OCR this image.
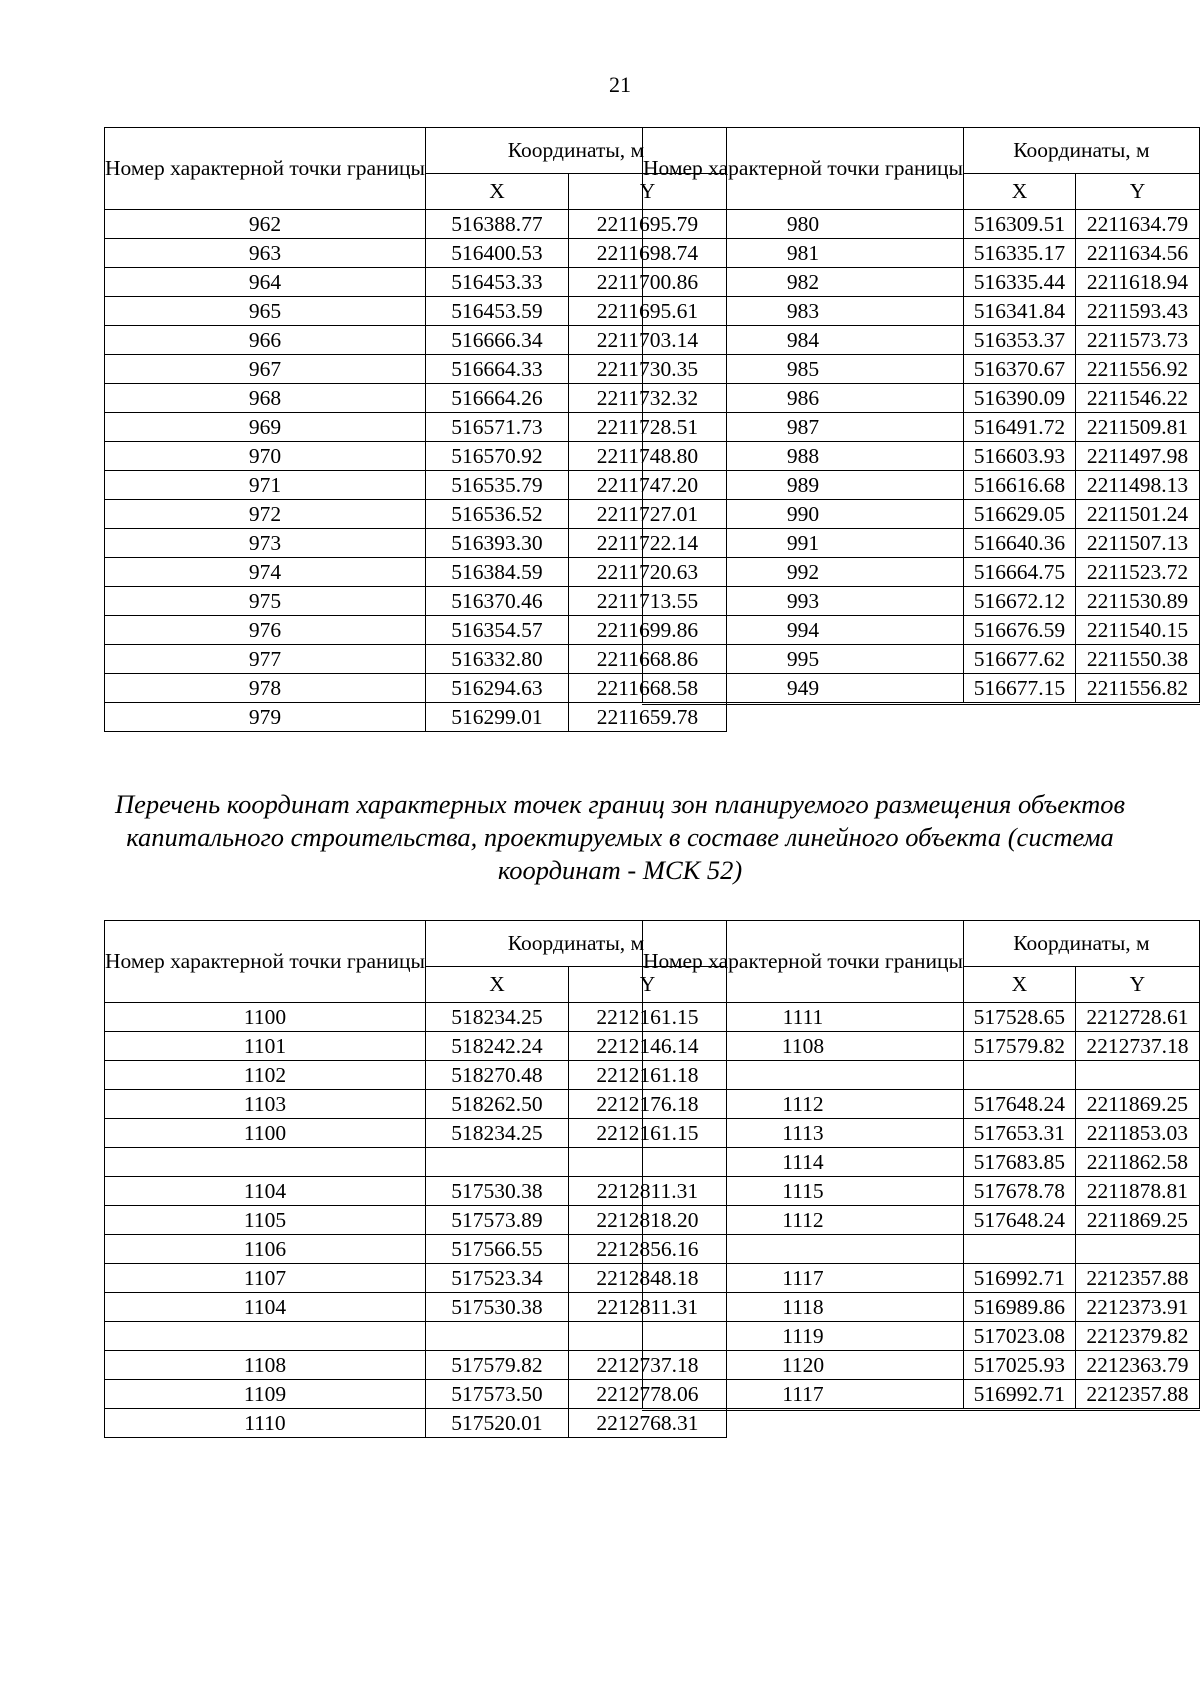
21
Номер характерной точки границы	Координаты, м	
	X	Y
962	516388.77	2211695.79
963	516400.53	2211698.74
964	516453.33	2211700.86
965	516453.59	2211695.61
966	516666.34	2211703.14
967	516664.33	2211730.35
968	516664.26	2211732.32
969	516571.73	2211728.51
970	516570.92	2211748.80
971	516535.79	2211747.20
972	516536.52	2211727.01
973	516393.30	2211722.14
974	516384.59	2211720.63
975	516370.46	2211713.55
976	516354.57	2211699.86
977	516332.80	2211668.86
978	516294.63	2211668.58
979	516299.01	2211659.78
Номер характерной точки границы	Координаты, м	
	X	Y
980	516309.51	2211634.79
981	516335.17	2211634.56
982	516335.44	2211618.94
983	516341.84	2211593.43
984	516353.37	2211573.73
985	516370.67	2211556.92
986	516390.09	2211546.22
987	516491.72	2211509.81
988	516603.93	2211497.98
989	516616.68	2211498.13
990	516629.05	2211501.24
991	516640.36	2211507.13
992	516664.75	2211523.72
993	516672.12	2211530.89
994	516676.59	2211540.15
995	516677.62	2211550.38
949	516677.15	2211556.82
Перечень координат характерных точек границ зон планируемого размещения объектов капитального строительства, проектируемых в составе линейного объекта (система координат - МСК 52)
Номер характерной точки границы	Координаты, м	
	X	Y
1100	518234.25	2212161.15
1101	518242.24	2212146.14
1102	518270.48	2212161.18
1103	518262.50	2212176.18
1100	518234.25	2212161.15

1104	517530.38	2212811.31
1105	517573.89	2212818.20
1106	517566.55	2212856.16
1107	517523.34	2212848.18
1104	517530.38	2212811.31

1108	517579.82	2212737.18
1109	517573.50	2212778.06
1110	517520.01	2212768.31
Номер характерной точки границы	Координаты, м	
	X	Y
1111	517528.65	2212728.61
1108	517579.82	2212737.18

1112	517648.24	2211869.25
1113	517653.31	2211853.03
1114	517683.85	2211862.58
1115	517678.78	2211878.81
1112	517648.24	2211869.25

1117	516992.71	2212357.88
1118	516989.86	2212373.91
1119	517023.08	2212379.82
1120	517025.93	2212363.79
1117	516992.71	2212357.88
